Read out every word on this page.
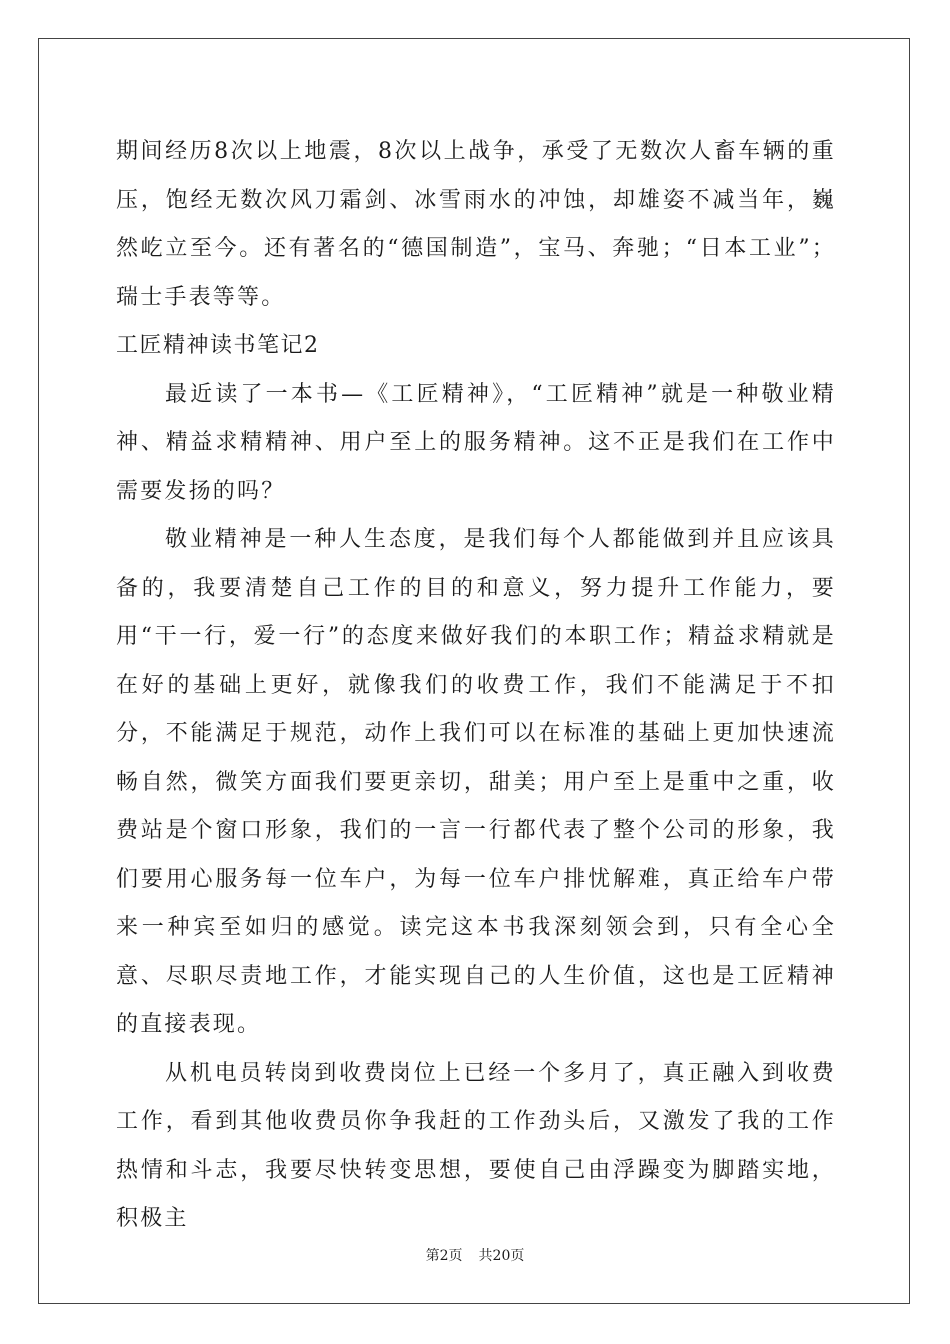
期间经历8次以上地震，8次以上战争，承受了无数次人畜车辆的重压，饱经无数次风刀霜剑、冰雪雨水的冲蚀，却雄姿不减当年，巍然屹立至今。还有著名的“德国制造”，宝马、奔驰；“日本工业”；瑞士手表等等。

工匠精神读书笔记2

最近读了一本书—《工匠精神》，“工匠精神”就是一种敬业精神、精益求精精神、用户至上的服务精神。这不正是我们在工作中需要发扬的吗？

敬业精神是一种人生态度，是我们每个人都能做到并且应该具备的，我要清楚自己工作的目的和意义，努力提升工作能力，要用“干一行，爱一行”的态度来做好我们的本职工作；精益求精就是在好的基础上更好，就像我们的收费工作，我们不能满足于不扣分，不能满足于规范，动作上我们可以在标准的基础上更加快速流畅自然，微笑方面我们要更亲切，甜美；用户至上是重中之重，收费站是个窗口形象，我们的一言一行都代表了整个公司的形象，我们要用心服务每一位车户，为每一位车户排忧解难，真正给车户带来一种宾至如归的感觉。读完这本书我深刻领会到，只有全心全意、尽职尽责地工作，才能实现自己的人生价值，这也是工匠精神的直接表现。

从机电员转岗到收费岗位上已经一个多月了，真正融入到收费工作，看到其他收费员你争我赶的工作劲头后，又激发了我的工作热情和斗志，我要尽快转变思想，要使自己由浮躁变为脚踏实地，积极主

第2页 共20页
